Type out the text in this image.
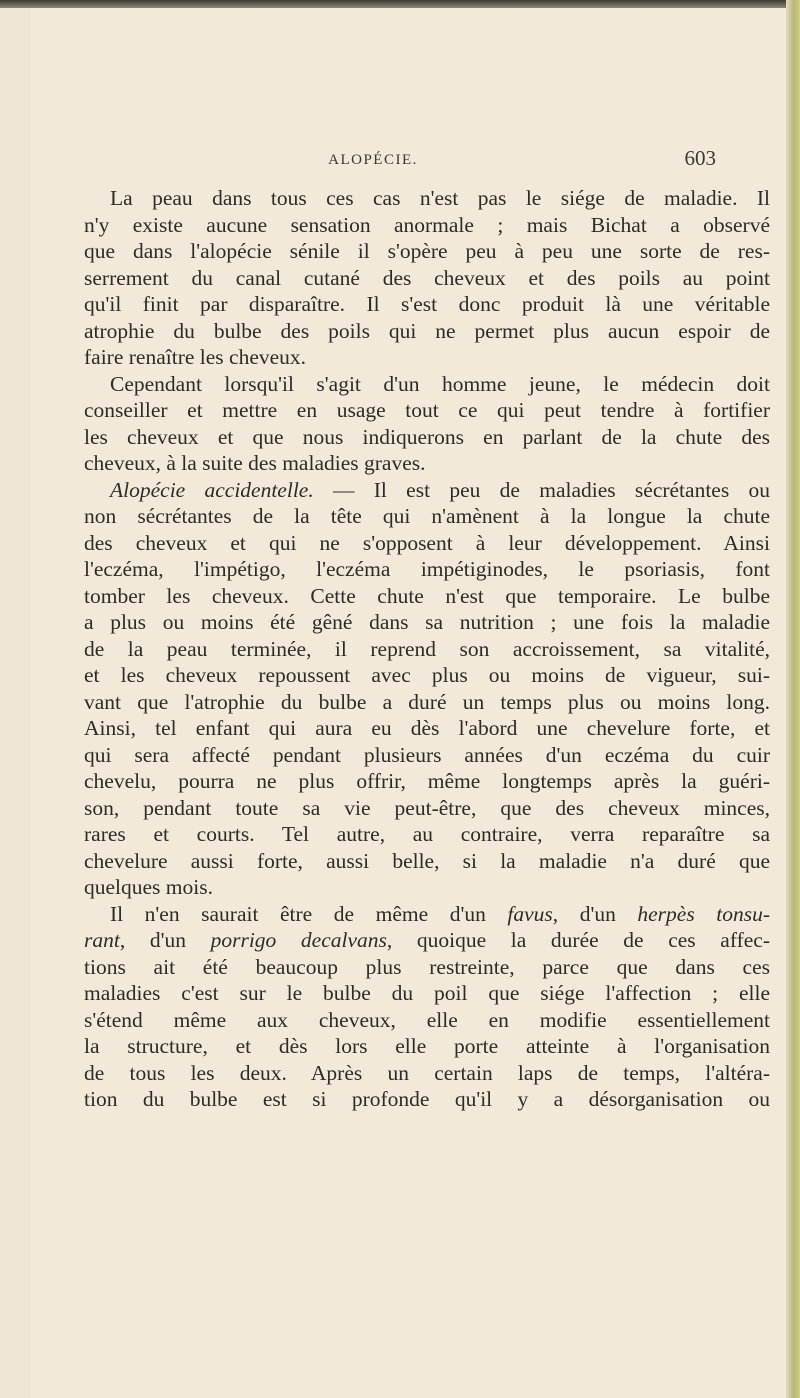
ALOPÉCIE.	603
La peau dans tous ces cas n'est pas le siége de maladie. Il
n'y existe aucune sensation anormale ; mais Bichat a observé
que dans l'alopécie sénile il s'opère peu à peu une sorte de res-
serrement du canal cutané des cheveux et des poils au point
qu'il finit par disparaître. Il s'est donc produit là une véritable
atrophie du bulbe des poils qui ne permet plus aucun espoir de
faire renaître les cheveux.
Cependant lorsqu'il s'agit d'un homme jeune, le médecin doit
conseiller et mettre en usage tout ce qui peut tendre à fortifier
les cheveux et que nous indiquerons en parlant de la chute des
cheveux, à la suite des maladies graves.
Alopécie accidentelle. — Il est peu de maladies sécrétantes ou
non sécrétantes de la tête qui n'amènent à la longue la chute
des cheveux et qui ne s'opposent à leur développement. Ainsi
l'eczéma, l'impétigo, l'eczéma impétiginodes, le psoriasis, font
tomber les cheveux. Cette chute n'est que temporaire. Le bulbe
a plus ou moins été gêné dans sa nutrition ; une fois la maladie
de la peau terminée, il reprend son accroissement, sa vitalité,
et les cheveux repoussent avec plus ou moins de vigueur, sui-
vant que l'atrophie du bulbe a duré un temps plus ou moins long.
Ainsi, tel enfant qui aura eu dès l'abord une chevelure forte, et
qui sera affecté pendant plusieurs années d'un eczéma du cuir
chevelu, pourra ne plus offrir, même longtemps après la guéri-
son, pendant toute sa vie peut-être, que des cheveux minces,
rares et courts. Tel autre, au contraire, verra reparaître sa
chevelure aussi forte, aussi belle, si la maladie n'a duré que
quelques mois.
Il n'en saurait être de même d'un favus, d'un herpès tonsu-
rant, d'un porrigo decalvans, quoique la durée de ces affec-
tions ait été beaucoup plus restreinte, parce que dans ces
maladies c'est sur le bulbe du poil que siége l'affection ; elle
s'étend même aux cheveux, elle en modifie essentiellement
la structure, et dès lors elle porte atteinte à l'organisation
de tous les deux. Après un certain laps de temps, l'altéra-
tion du bulbe est si profonde qu'il y a désorganisation ou
